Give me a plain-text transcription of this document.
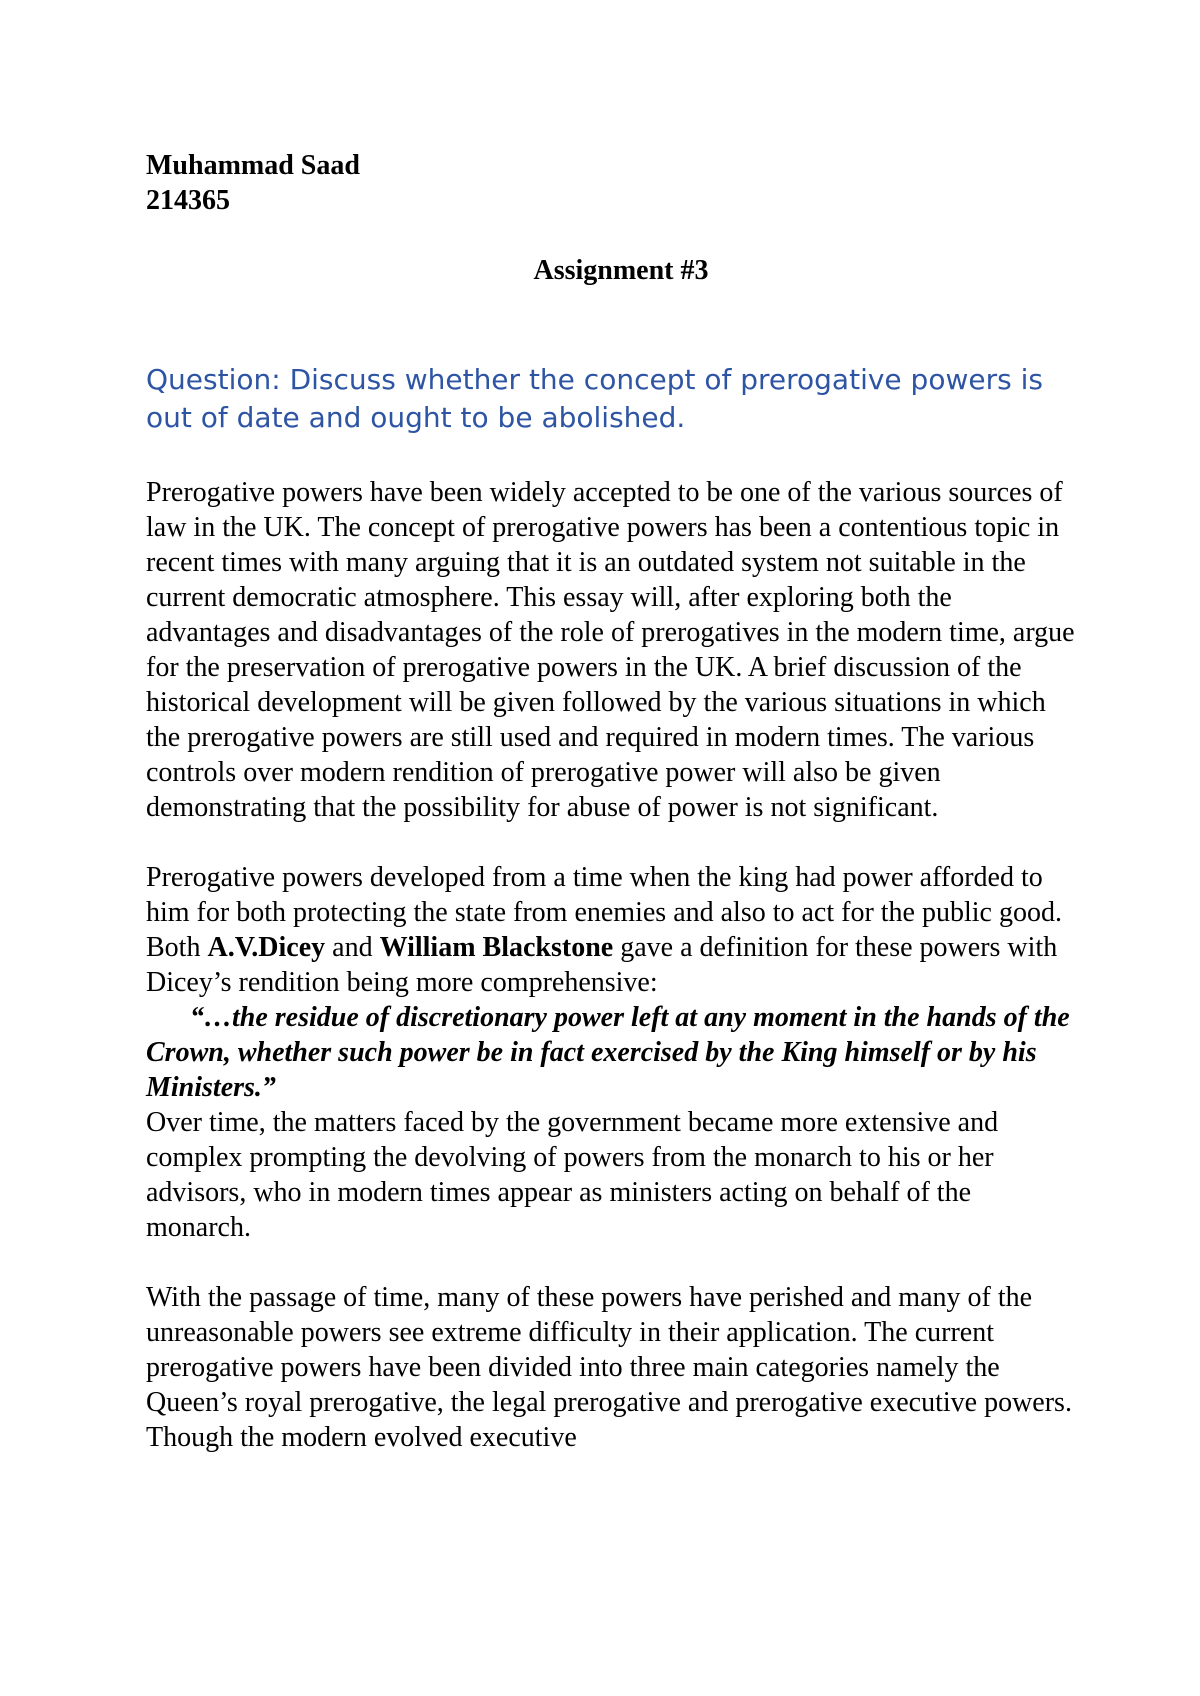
Muhammad Saad

214365

Assignment #3

Question: Discuss whether the concept of prerogative powers is out of date and ought to be abolished.

Prerogative powers have been widely accepted to be one of the various sources of law in the UK. The concept of prerogative powers has been a contentious topic in recent times with many arguing that it is an outdated system not suitable in the current democratic atmosphere. This essay will, after exploring both the advantages and disadvantages of the role of prerogatives in the modern time, argue for the preservation of prerogative powers in the UK. A brief discussion of the historical development will be given followed by the various situations in which the prerogative powers are still used and required in modern times. The various controls over modern rendition of prerogative power will also be given demonstrating that the possibility for abuse of power is not significant.

Prerogative powers developed from a time when the king had power afforded to him for both protecting the state from enemies and also to act for the public good. Both A.V.Dicey and William Blackstone gave a definition for these powers with Dicey’s rendition being more comprehensive:

“…the residue of discretionary power left at any moment in the hands of the Crown, whether such power be in fact exercised by the King himself or by his Ministers.”

Over time, the matters faced by the government became more extensive and complex prompting the devolving of powers from the monarch to his or her advisors, who in modern times appear as ministers acting on behalf of the monarch.

With the passage of time, many of these powers have perished and many of the unreasonable powers see extreme difficulty in their application. The current prerogative powers have been divided into three main categories namely the Queen’s royal prerogative, the legal prerogative and prerogative executive powers. Though the modern evolved executive
